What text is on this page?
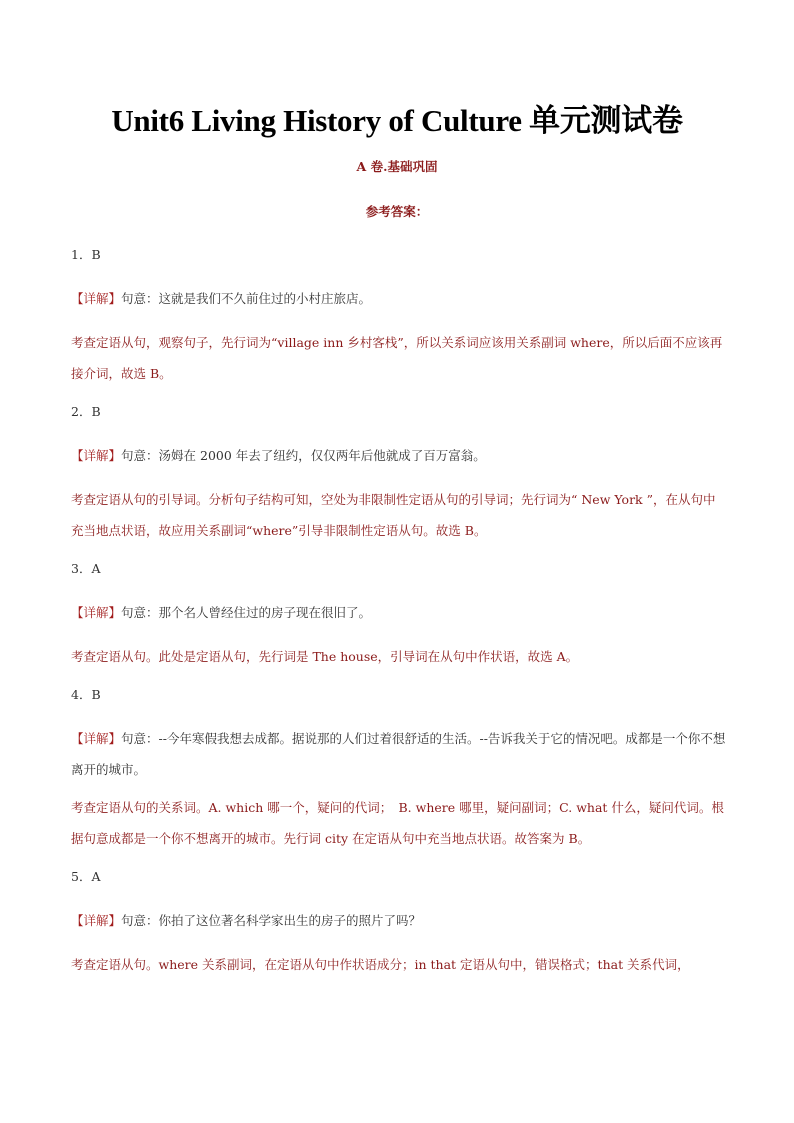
Unit6 Living History of Culture 单元测试卷
A 卷.基础巩固
参考答案：
1．B
【详解】句意：这就是我们不久前住过的小村庄旅店。
考查定语从句，观察句子，先行词为“village inn 乡村客栈”，所以关系词应该用关系副词 where，所以后面不应该再接介词，故选 B。
2．B
【详解】句意：汤姆在 2000 年去了纽约，仅仅两年后他就成了百万富翁。
考查定语从句的引导词。分析句子结构可知，空处为非限制性定语从句的引导词；先行词为“ New York ”，在从句中充当地点状语，故应用关系副词“where”引导非限制性定语从句。故选 B。
3．A
【详解】句意：那个名人曾经住过的房子现在很旧了。
考查定语从句。此处是定语从句，先行词是 The house，引导词在从句中作状语，故选 A。
4．B
【详解】句意：--今年寒假我想去成都。据说那的人们过着很舒适的生活。--告诉我关于它的情况吧。成都是一个你不想离开的城市。
考查定语从句的关系词。A. which 哪一个，疑问的代词；　B. where 哪里，疑问副词；C. what 什么，疑问代词。根据句意成都是一个你不想离开的城市。先行词 city 在定语从句中充当地点状语。故答案为 B。
5．A
【详解】句意：你拍了这位著名科学家出生的房子的照片了吗？
考查定语从句。where 关系副词，在定语从句中作状语成分；in that 定语从句中，错误格式；that 关系代词，
